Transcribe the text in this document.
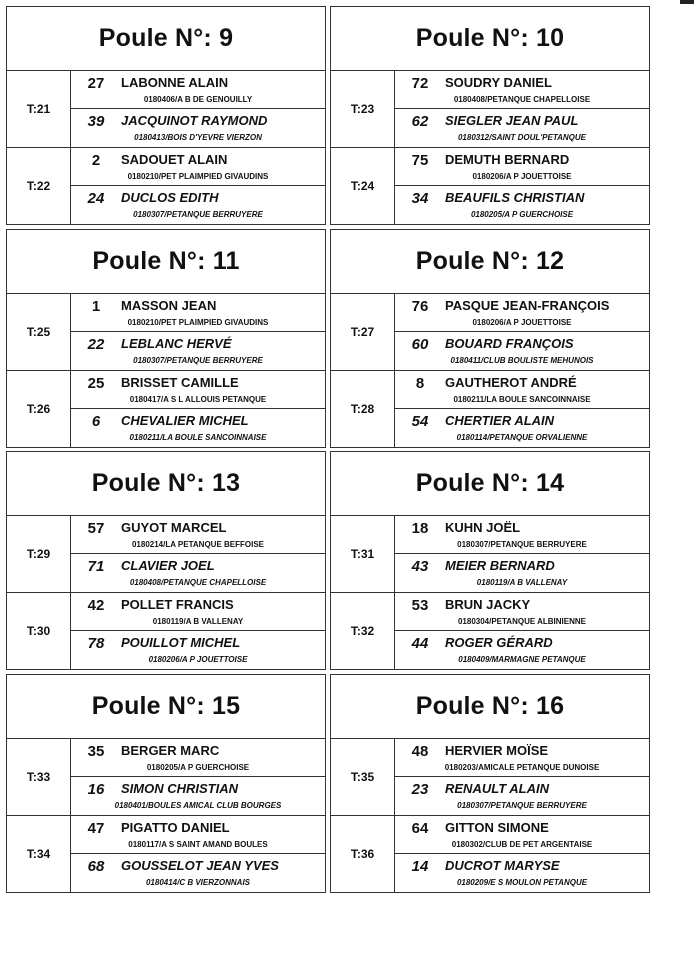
Poule N°: 9
T:21
27	LABONNE ALAIN
0180406/A B DE GENOUILLY
39	JACQUINOT RAYMOND
0180413/BOIS D'YEVRE VIERZON
T:22
2	SADOUET ALAIN
0180210/PET PLAIMPIED GIVAUDINS
24	DUCLOS EDITH
0180307/PETANQUE BERRUYERE
Poule N°: 10
T:23
72	SOUDRY DANIEL
0180408/PETANQUE CHAPELLOISE
62	SIEGLER JEAN PAUL
0180312/SAINT DOUL'PETANQUE
T:24
75	DEMUTH BERNARD
0180206/A P JOUETTOISE
34	BEAUFILS CHRISTIAN
0180205/A P GUERCHOISE
Poule N°: 11
T:25
1	MASSON JEAN
0180210/PET PLAIMPIED GIVAUDINS
22	LEBLANC HERVÉ
0180307/PETANQUE BERRUYERE
T:26
25	BRISSET CAMILLE
0180417/A S L ALLOUIS PETANQUE
6	CHEVALIER MICHEL
0180211/LA BOULE SANCOINNAISE
Poule N°: 12
T:27
76	PASQUE JEAN-FRANÇOIS
0180206/A P JOUETTOISE
60	BOUARD FRANÇOIS
0180411/CLUB BOULISTE MEHUNOIS
T:28
8	GAUTHEROT ANDRÉ
0180211/LA BOULE SANCOINNAISE
54	CHERTIER ALAIN
0180114/PETANQUE ORVALIENNE
Poule N°: 13
T:29
57	GUYOT MARCEL
0180214/LA PETANQUE BEFFOISE
71	CLAVIER JOEL
0180408/PETANQUE CHAPELLOISE
T:30
42	POLLET FRANCIS
0180119/A B VALLENAY
78	POUILLOT MICHEL
0180206/A P JOUETTOISE
Poule N°: 14
T:31
18	KUHN JOËL
0180307/PETANQUE BERRUYERE
43	MEIER BERNARD
0180119/A B VALLENAY
T:32
53	BRUN JACKY
0180304/PETANQUE ALBINIENNE
44	ROGER GÉRARD
0180409/MARMAGNE PETANQUE
Poule N°: 15
T:33
35	BERGER MARC
0180205/A P GUERCHOISE
16	SIMON CHRISTIAN
0180401/BOULES AMICAL CLUB BOURGES
T:34
47	PIGATTO DANIEL
0180117/A S SAINT AMAND BOULES
68	GOUSSELOT JEAN YVES
0180414/C B VIERZONNAIS
Poule N°: 16
T:35
48	HERVIER MOÏSE
0180203/AMICALE PETANQUE DUNOISE
23	RENAULT ALAIN
0180307/PETANQUE BERRUYERE
T:36
64	GITTON SIMONE
0180302/CLUB DE PET ARGENTAISE
14	DUCROT MARYSE
0180209/E S MOULON PETANQUE
